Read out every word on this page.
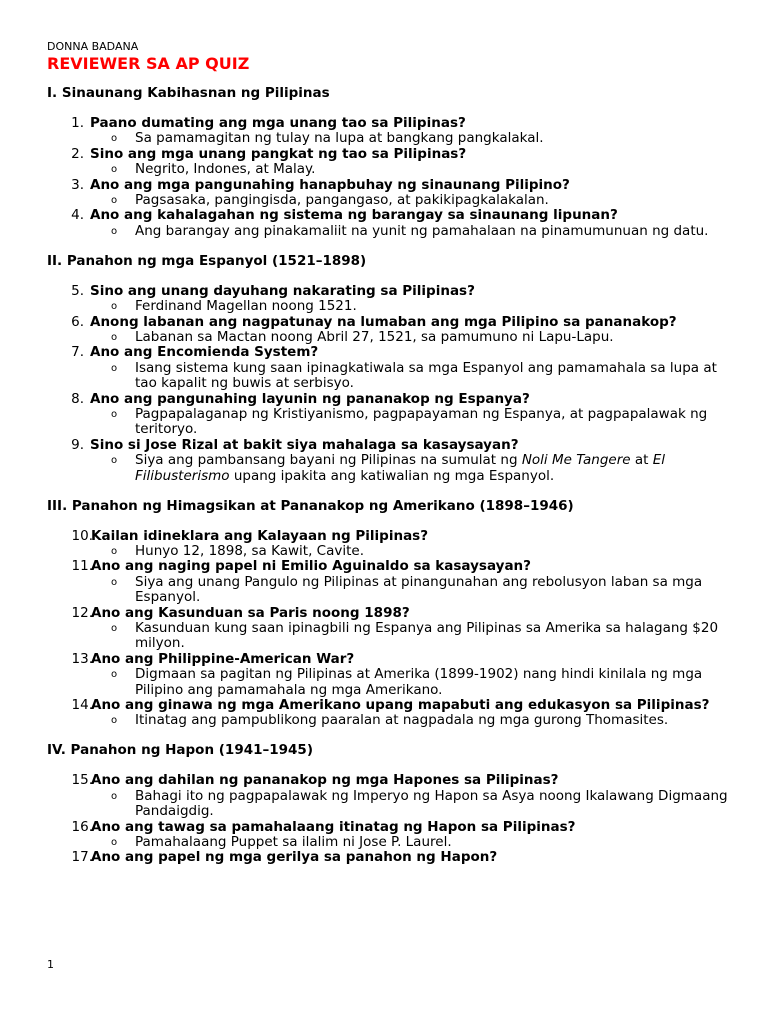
DONNA BADANA
REVIEWER SA AP QUIZ
I. Sinaunang Kabihasnan ng Pilipinas
1. Paano dumating ang mga unang tao sa Pilipinas?
o Sa pamamagitan ng tulay na lupa at bangkang pangkalakal.
2. Sino ang mga unang pangkat ng tao sa Pilipinas?
o Negrito, Indones, at Malay.
3. Ano ang mga pangunahing hanapbuhay ng sinaunang Pilipino?
o Pagsasaka, pangingisda, pangangaso, at pakikipagkalakalan.
4. Ano ang kahalagahan ng sistema ng barangay sa sinaunang lipunan?
o Ang barangay ang pinakamaliit na yunit ng pamahalaan na pinamumunuan ng datu.
II. Panahon ng mga Espanyol (1521–1898)
5. Sino ang unang dayuhang nakarating sa Pilipinas?
o Ferdinand Magellan noong 1521.
6. Anong labanan ang nagpatunay na lumaban ang mga Pilipino sa pananakop?
o Labanan sa Mactan noong Abril 27, 1521, sa pamumuno ni Lapu-Lapu.
7. Ano ang Encomienda System?
o Isang sistema kung saan ipinagkatiwala sa mga Espanyol ang pamamahala sa lupa at tao kapalit ng buwis at serbisyo.
8. Ano ang pangunahing layunin ng pananakop ng Espanya?
o Pagpapalaganap ng Kristiyanismo, pagpapayaman ng Espanya, at pagpapalawak ng teritoryo.
9. Sino si Jose Rizal at bakit siya mahalaga sa kasaysayan?
o Siya ang pambansang bayani ng Pilipinas na sumulat ng Noli Me Tangere at El Filibusterismo upang ipakita ang katiwalian ng mga Espanyol.
III. Panahon ng Himagsikan at Pananakop ng Amerikano (1898–1946)
10.
Kailan idineklara ang Kalayaan ng Pilipinas?
o Hunyo 12, 1898, sa Kawit, Cavite.
11.
Ano ang naging papel ni Emilio Aguinaldo sa kasaysayan?
o Siya ang unang Pangulo ng Pilipinas at pinangunahan ang rebolusyon laban sa mga Espanyol.
12.
Ano ang Kasunduan sa Paris noong 1898?
o Kasunduan kung saan ipinagbili ng Espanya ang Pilipinas sa Amerika sa halagang $20 milyon.
13.
Ano ang Philippine-American War?
o Digmaan sa pagitan ng Pilipinas at Amerika (1899-1902) nang hindi kinilala ng mga Pilipino ang pamamahala ng mga Amerikano.
14.
Ano ang ginawa ng mga Amerikano upang mapabuti ang edukasyon sa Pilipinas?
o Itinatag ang pampublikong paaralan at nagpadala ng mga gurong Thomasites.
IV. Panahon ng Hapon (1941–1945)
15.
Ano ang dahilan ng pananakop ng mga Hapones sa Pilipinas?
o Bahagi ito ng pagpapalawak ng Imperyo ng Hapon sa Asya noong Ikalawang Digmaang Pandaigdig.
16.
Ano ang tawag sa pamahalaang itinatag ng Hapon sa Pilipinas?
o Pamahalaang Puppet sa ilalim ni Jose P. Laurel.
17.
Ano ang papel ng mga gerilya sa panahon ng Hapon?
1
